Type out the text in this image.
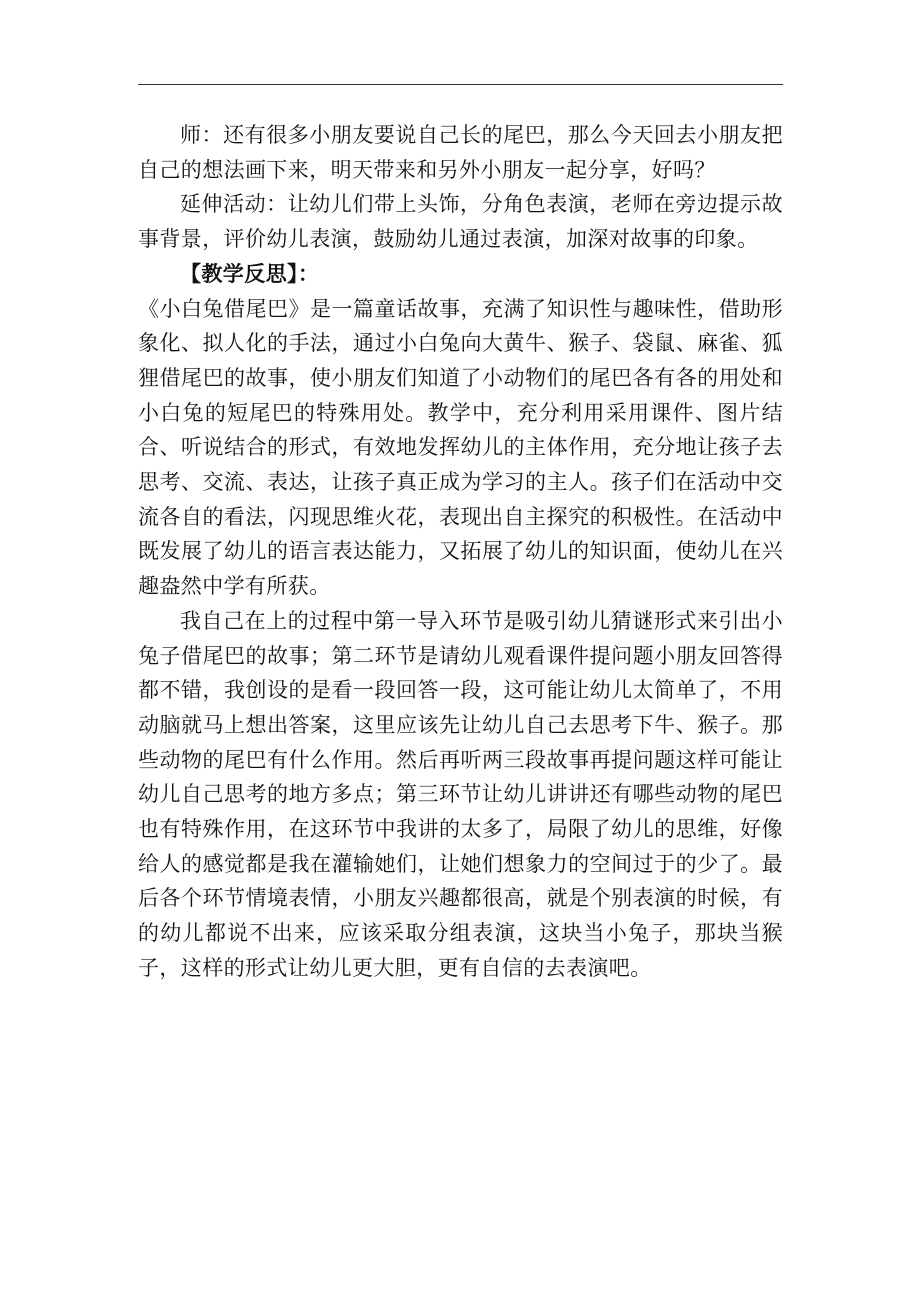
师：还有很多小朋友要说自己长的尾巴，那么今天回去小朋友把自己的想法画下来，明天带来和另外小朋友一起分享，好吗？

延伸活动：让幼儿们带上头饰，分角色表演，老师在旁边提示故事背景，评价幼儿表演，鼓励幼儿通过表演，加深对故事的印象。

【教学反思】：

《小白兔借尾巴》是一篇童话故事，充满了知识性与趣味性，借助形象化、拟人化的手法，通过小白兔向大黄牛、猴子、袋鼠、麻雀、狐狸借尾巴的故事，使小朋友们知道了小动物们的尾巴各有各的用处和小白兔的短尾巴的特殊用处。教学中，充分利用采用课件、图片结合、听说结合的形式，有效地发挥幼儿的主体作用，充分地让孩子去思考、交流、表达，让孩子真正成为学习的主人。孩子们在活动中交流各自的看法，闪现思维火花，表现出自主探究的积极性。在活动中既发展了幼儿的语言表达能力，又拓展了幼儿的知识面，使幼儿在兴趣盎然中学有所获。

我自己在上的过程中第一导入环节是吸引幼儿猜谜形式来引出小兔子借尾巴的故事；第二环节是请幼儿观看课件提问题小朋友回答得都不错，我创设的是看一段回答一段，这可能让幼儿太简单了，不用动脑就马上想出答案，这里应该先让幼儿自己去思考下牛、猴子。那些动物的尾巴有什么作用。然后再听两三段故事再提问题这样可能让幼儿自己思考的地方多点；第三环节让幼儿讲讲还有哪些动物的尾巴也有特殊作用，在这环节中我讲的太多了，局限了幼儿的思维，好像给人的感觉都是我在灌输她们，让她们想象力的空间过于的少了。最后各个环节情境表情，小朋友兴趣都很高，就是个别表演的时候，有的幼儿都说不出来，应该采取分组表演，这块当小兔子，那块当猴子，这样的形式让幼儿更大胆，更有自信的去表演吧。
